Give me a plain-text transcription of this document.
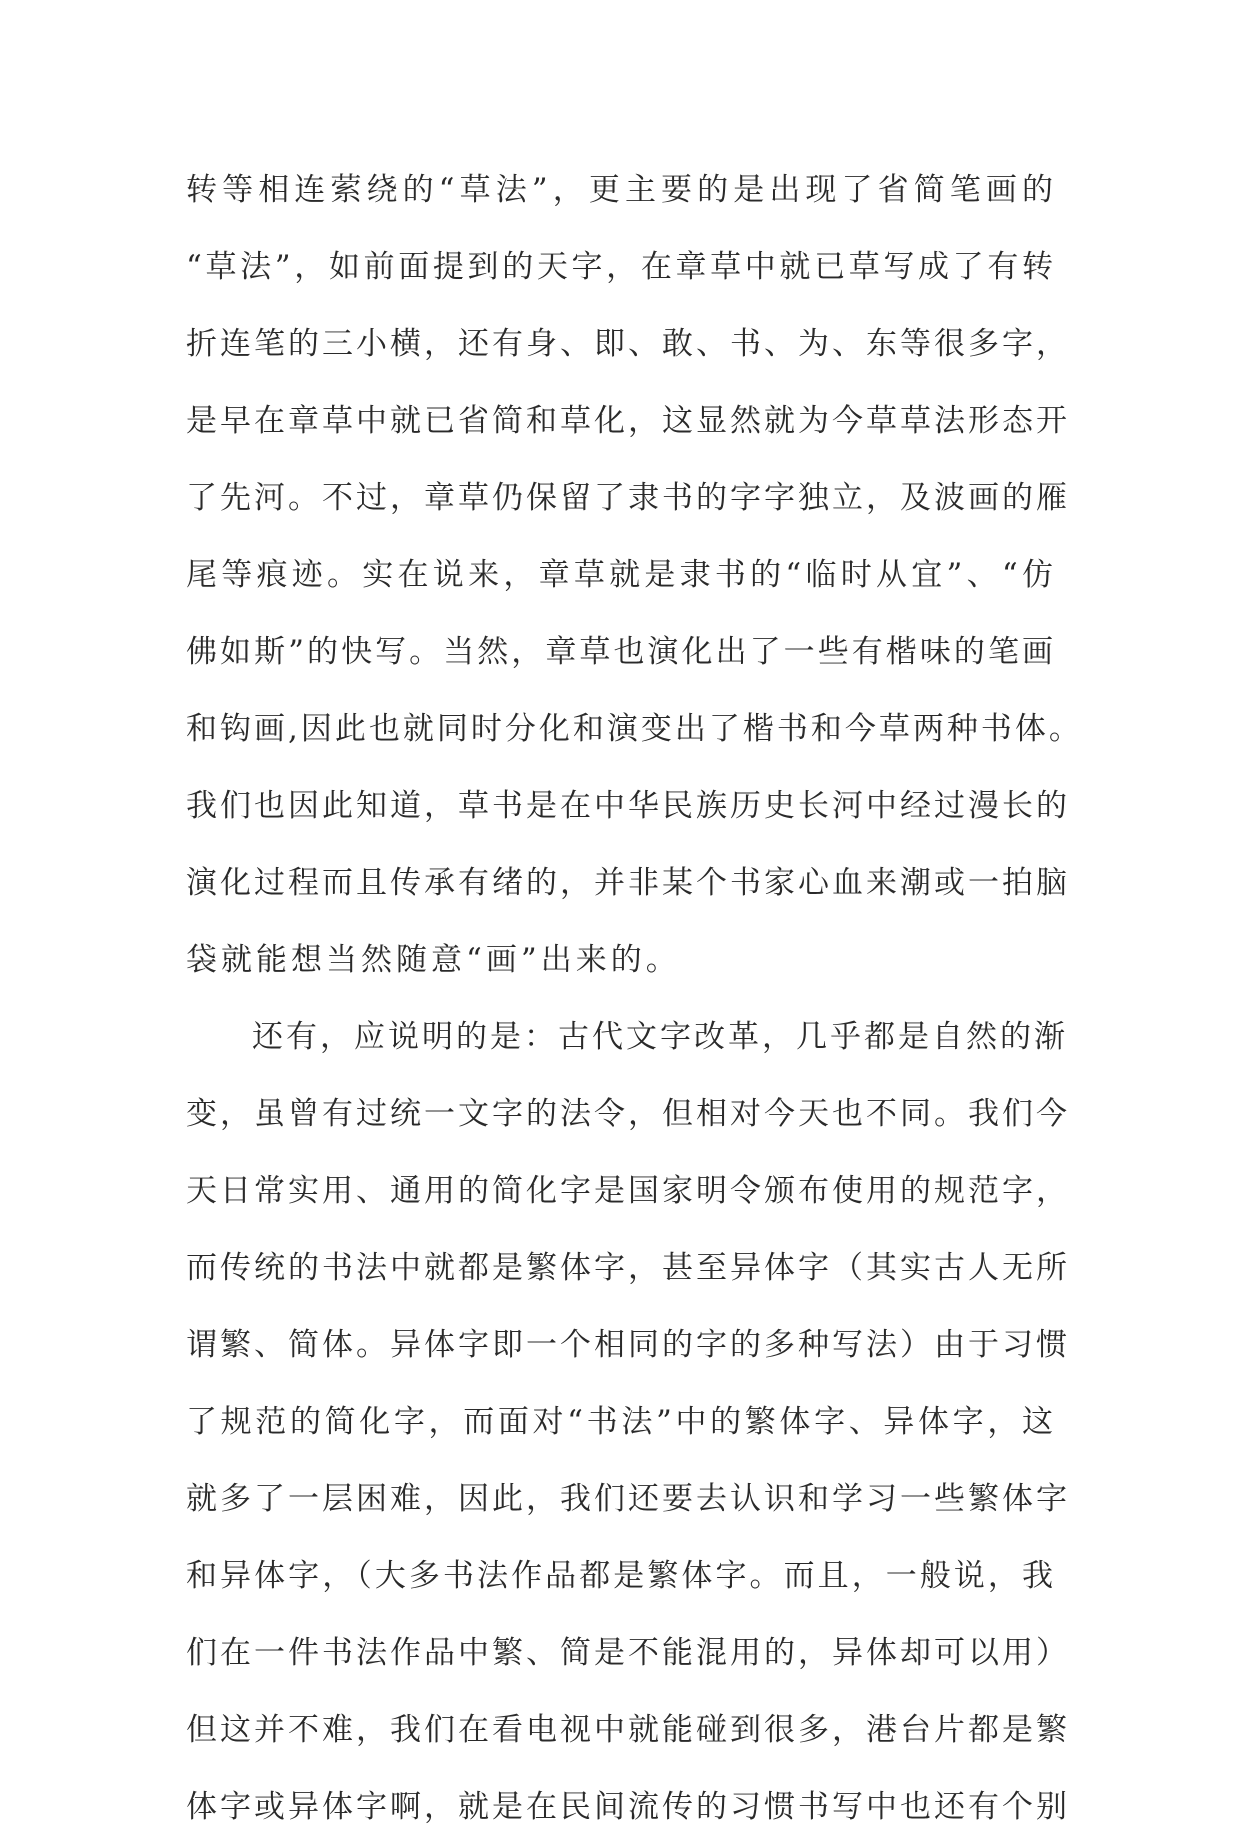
转等相连萦绕的“草法”，更主要的是出现了省简笔画的
“草法”，如前面提到的天字，在章草中就已草写成了有转
折连笔的三小横，还有身、即、敢、书、为、东等很多字，
是早在章草中就已省简和草化，这显然就为今草草法形态开
了先河。不过，章草仍保留了隶书的字字独立，及波画的雁
尾等痕迹。实在说来，章草就是隶书的“临时从宜”、“仿
佛如斯”的快写。当然，章草也演化出了一些有楷味的笔画
和钩画,因此也就同时分化和演变出了楷书和今草两种书体。
我们也因此知道，草书是在中华民族历史长河中经过漫长的
演化过程而且传承有绪的，并非某个书家心血来潮或一拍脑
袋就能想当然随意“画”出来的。
还有，应说明的是：古代文字改革，几乎都是自然的渐
变，虽曾有过统一文字的法令，但相对今天也不同。我们今
天日常实用、通用的简化字是国家明令颁布使用的规范字，
而传统的书法中就都是繁体字，甚至异体字（其实古人无所
谓繁、简体。异体字即一个相同的字的多种写法）由于习惯
了规范的简化字，而面对“书法”中的繁体字、异体字，这
就多了一层困难，因此，我们还要去认识和学习一些繁体字
和异体字，（大多书法作品都是繁体字。而且，一般说，我
们在一件书法作品中繁、简是不能混用的，异体却可以用）
但这并不难，我们在看电视中就能碰到很多，港台片都是繁
体字或异体字啊，就是在民间流传的习惯书写中也还有个别
